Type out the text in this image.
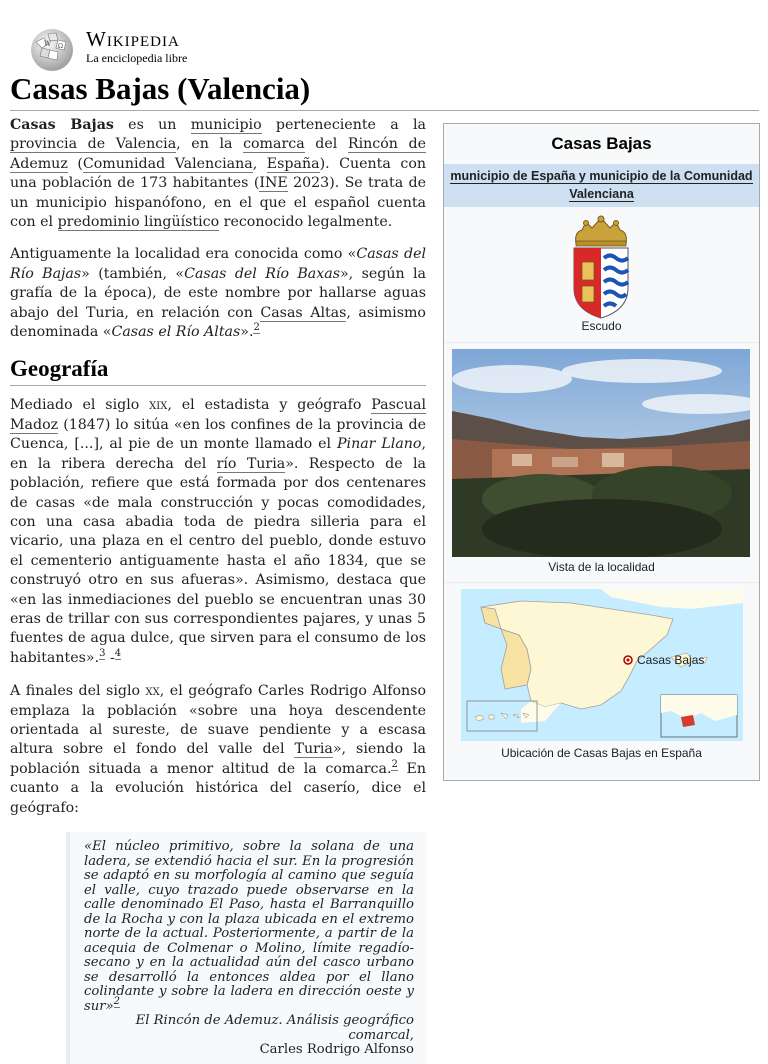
W Ω Wikipedia
La enciclopedia libre
Casas Bajas (Valencia)

Casas Bajas es un municipio perteneciente a la provincia de Valencia, en la comarca del Rincón de Ademuz (Comunidad Valenciana, España). Cuenta con una población de 173 habitantes (INE 2023). Se trata de un municipio hispanófono, en el que el español cuenta con el predominio lingüístico reconocido legalmente.

Antiguamente la localidad era conocida como «Casas del Río Bajas» (también, «Casas del Río Baxas», según la grafía de la época), de este nombre por hallarse aguas abajo del Turia, en relación con Casas Altas, asimismo denominada «Casas el Río Altas».$^2$

Geografía

Mediado el siglo xix, el estadista y geógrafo Pascual Madoz (1847) lo sitúa «en los confines de la provincia de Cuenca, [...], al pie de un monte llamado el Pinar Llano, en la ribera derecha del río Turia». Respecto de la población, refiere que está formada por dos centenares de casas «de mala construcción y pocas comodidades, con una casa abadia toda de piedra silleria para el vicario, una plaza en el centro del pueblo, donde estuvo el cementerio antiguamente hasta el año 1834, que se construyó otro en sus afueras». Asimismo, destaca que «en las inmediaciones del pueblo se encuentran unas 30 eras de trillar con sus correspondientes pajares, y unas 5 fuentes de agua dulce, que sirven para el consumo de los habitantes».$^3$ -$^4$

A finales del siglo xx, el geógrafo Carles Rodrigo Alfonso emplaza la población «sobre una hoya descendente orientada al sureste, de suave pendiente y a escasa altura sobre el fondo del valle del Turia», siendo la población situada a menor altitud de la comarca.$^2$ En cuanto a la evolución histórica del caserío, dice el geógrafo:

«El núcleo primitivo, sobre la solana de una ladera, se extendió hacia el sur. En la progresión se adaptó en su morfología al camino que seguía el valle, cuyo trazado puede observarse en la calle denominado El Paso, hasta el Barranquillo de la Rocha y con la plaza ubicada en el extremo norte de la actual. Posteriormente, a partir de la acequia de Colmenar o Molino, límite regadío-secano y en la actualidad aún del casco urbano se desarrolló la entonces aldea por el llano colindante y sobre la ladera en dirección oeste y sur»$^2$
El Rincón de Ademuz. Análisis geográfico comarcal,
Carles Rodrigo Alfonso
Casas Bajas
municipio de España y municipio de la Comunidad Valenciana
Escudo
Vista de la localidad
Casas Bajas
Ubicación de Casas Bajas en España
